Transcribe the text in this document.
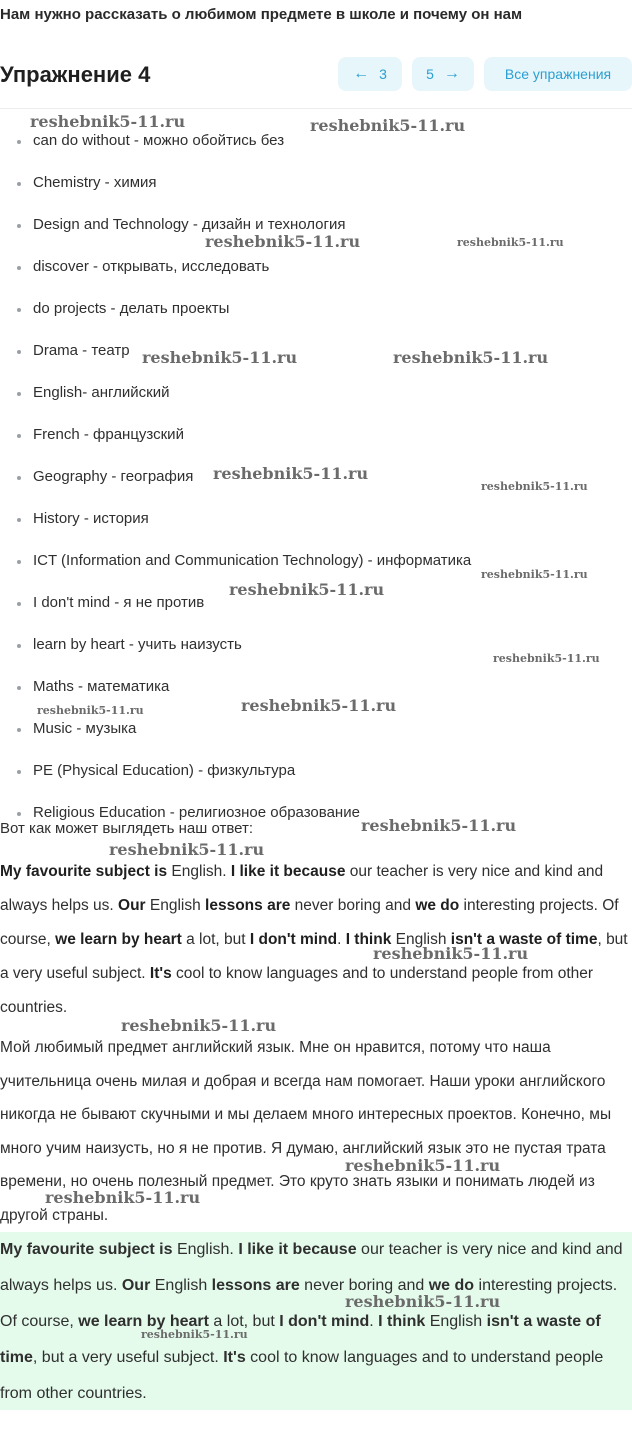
Нам нужно рассказать о любимом предмете в школе и почему он нам
Упражнение 4	← 3	5 →	Все упражнения
can do without - можно обойтись без
Chemistry - химия
Design and Technology - дизайн и технология
discover - открывать, исследовать
do projects - делать проекты
Drama - театр
English- английский
French - французский
Geography - география
History - история
ICT (Information and Communication Technology) - информатика
I don't mind - я не против
learn by heart - учить наизусть
Maths - математика
Music - музыка
PE (Physical Education) - физкультура
Religious Education - религиозное образование
Вот как может выглядеть наш ответ:
My favourite subject is English. I like it because our teacher is very nice and kind and always helps us. Our English lessons are never boring and we do interesting projects. Of course, we learn by heart a lot, but I don't mind. I think English isn't a waste of time, but a very useful subject. It's cool to know languages and to understand people from other countries.
Мой любимый предмет английский язык. Мне он нравится, потому что наша учительница очень милая и добрая и всегда нам помогает. Наши уроки английского никогда не бывают скучными и мы делаем много интересных проектов. Конечно, мы много учим наизусть, но я не против. Я думаю, английский язык это не пустая трата времени, но очень полезный предмет. Это круто знать языки и понимать людей из другой страны.
My favourite subject is English. I like it because our teacher is very nice and kind and always helps us. Our English lessons are never boring and we do interesting projects. Of course, we learn by heart a lot, but I don't mind. I think English isn't a waste of time, but a very useful subject. It's cool to know languages and to understand people from other countries.
reshebnik5-11.ru	reshebnik5-11.ru
reshebnik5-11.ru	reshebnik5-11.ru
reshebnik5-11.ru	reshebnik5-11.ru
reshebnik5-11.ru
reshebnik5-11.ru
reshebnik5-11.ru
reshebnik5-11.ru
reshebnik5-11.ru
reshebnik5-11.ru
reshebnik5-11.ru
reshebnik5-11.ru
reshebnik5-11.ru
reshebnik5-11.ru
reshebnik5-11.ru
reshebnik5-11.ru
reshebnik5-11.ru
reshebnik5-11.ru
reshebnik5-11.ru
